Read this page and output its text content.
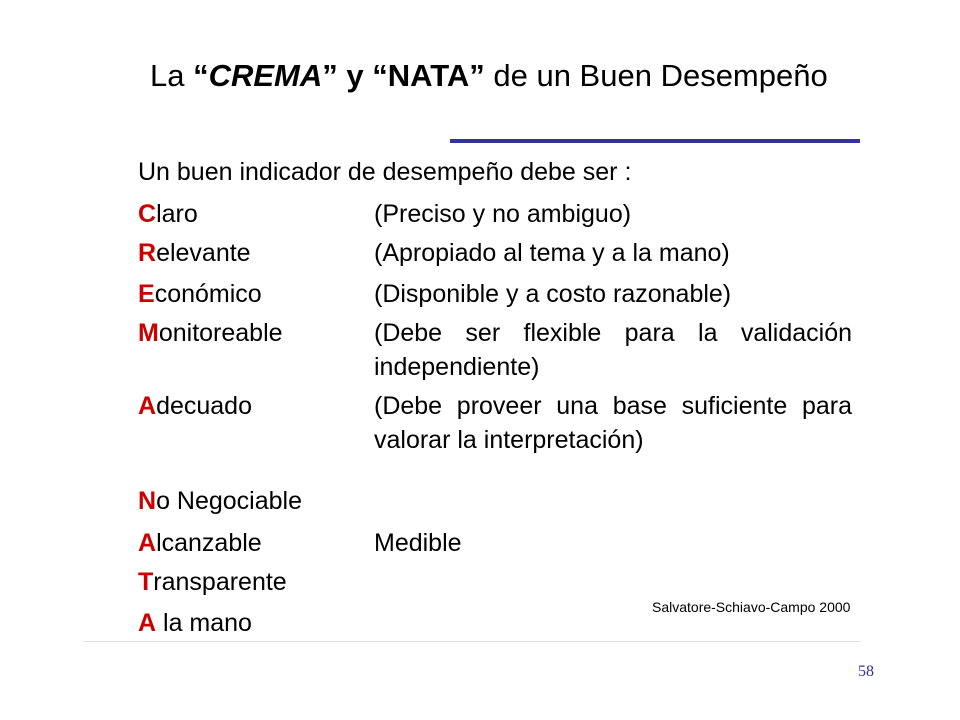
La “CREMA” y “NATA” de un Buen Desempeño
Un buen indicador de desempeño debe ser :
Claro	(Preciso y no ambiguo)
Relevante	(Apropiado al tema y a la mano)
Económico	(Disponible y a costo razonable)
Monitoreable	(Debe ser flexible para la validación independiente)
Adecuado	(Debe proveer una base suficiente para valorar la interpretación)
No Negociable
Alcanzable	Medible
Transparente
A la mano
Salvatore-Schiavo-Campo 2000
58
